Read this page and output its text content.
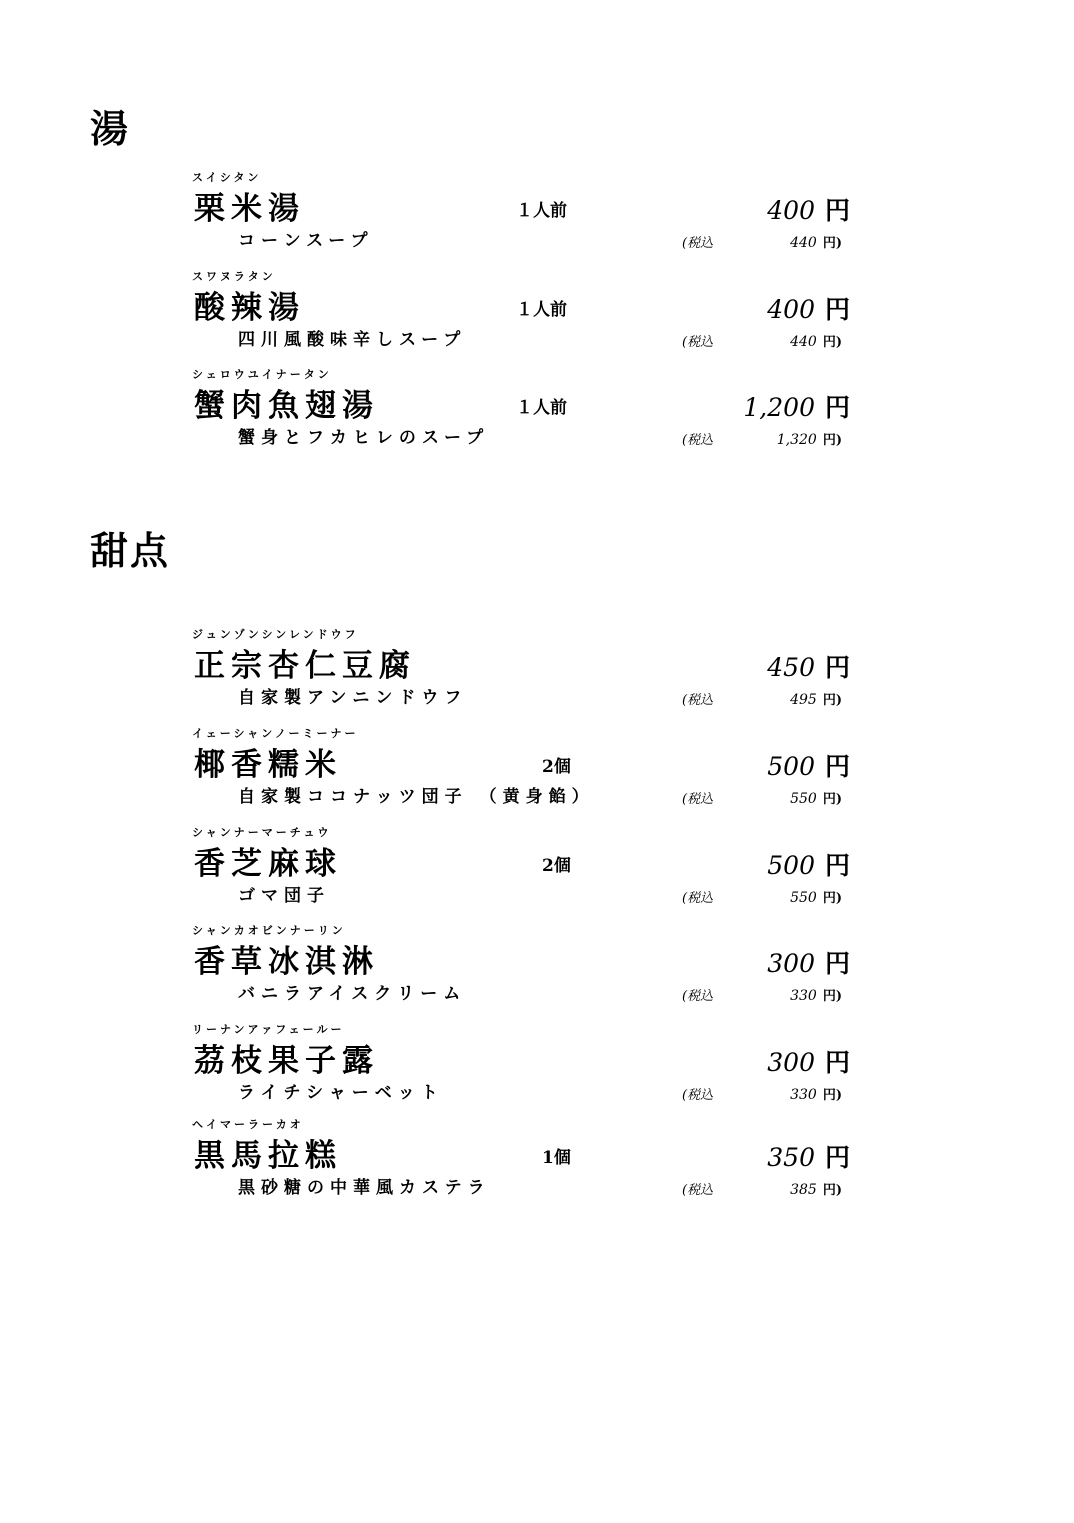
湯
スイシタン
栗米湯
コーンスープ
１人前	400 円
(税込	440 円)
スワヌラタン
酸辣湯
四川風酸味辛しスープ
１人前	400 円
(税込	440 円)
シェロウユイナータン
蟹肉魚翅湯
蟹身とフカヒレのスープ
１人前	1,200 円
(税込	1,320 円)
甜点
ジュンゾンシンレンドウフ
正宗杏仁豆腐
自家製アンニンドウフ
450 円
(税込	495 円)
イェーシャンノーミーナー
椰香糯米
自家製ココナッツ団子 （黄身餡）
2個	500 円
(税込	550 円)
シャンナーマーチュウ
香芝麻球
ゴマ団子
2個	500 円
(税込	550 円)
シャンカオビンナーリン
香草冰淇淋
バニラアイスクリーム
300 円
(税込	330 円)
リーナンアァフェールー
茘枝果子露
ライチシャーベット
300 円
(税込	330 円)
ヘイマーラーカオ
黒馬拉糕
黒砂糖の中華風カステラ
1個	350 円
(税込	385 円)
